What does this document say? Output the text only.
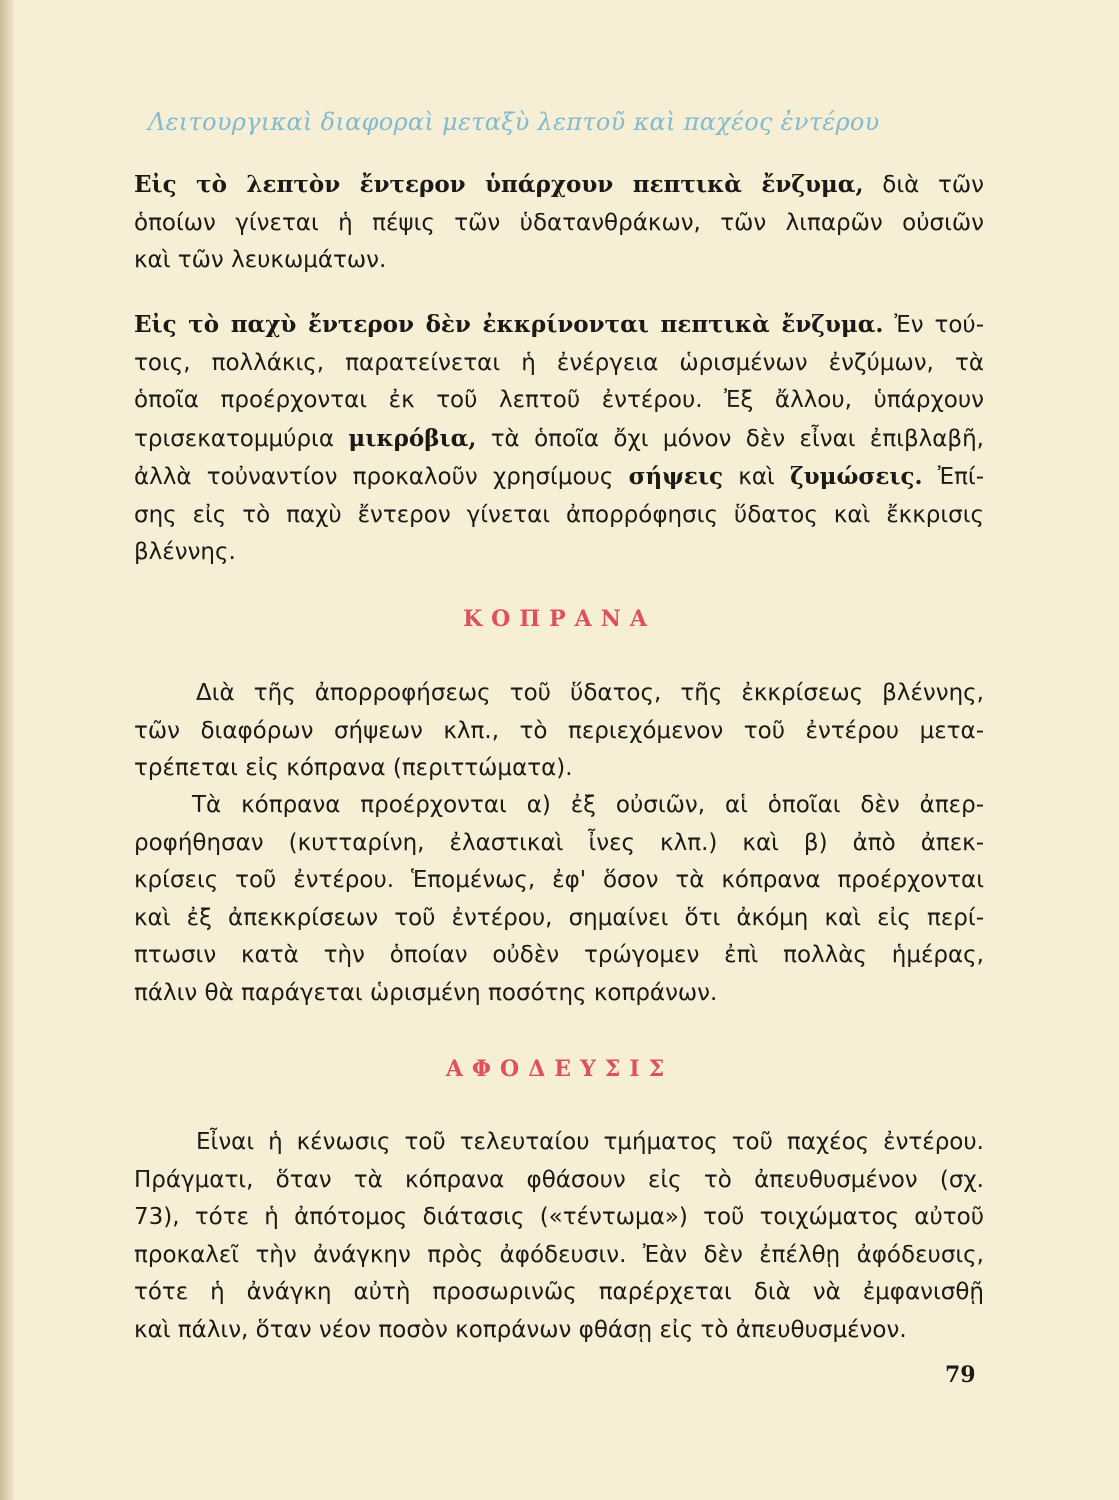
Λειτουργικαὶ διαφοραὶ μεταξὺ λεπτοῦ καὶ παχέος ἐντέρου
Εἰς τὸ λεπτὸν ἔντερον ὑπάρχουν πεπτικὰ ἔνζυμα, διὰ τῶν
ὁποίων γίνεται ἡ πέψις τῶν ὑδατανθράκων, τῶν λιπαρῶν οὐσιῶν
καὶ τῶν λευκωμάτων.
Εἰς τὸ παχὺ ἔντερον δὲν ἐκκρίνονται πεπτικὰ ἔνζυμα. Ἐν τού-
τοις, πολλάκις, παρατείνεται ἡ ἐνέργεια ὡρισμένων ἐνζύμων, τὰ
ὁποῖα προέρχονται ἐκ τοῦ λεπτοῦ ἐντέρου. Ἐξ ἄλλου, ὑπάρχουν
τρισεκατομμύρια μικρόβια, τὰ ὁποῖα ὄχι μόνον δὲν εἶναι ἐπιβλαβῆ,
ἀλλὰ τοὐναντίον προκαλοῦν χρησίμους σήψεις καὶ ζυμώσεις. Ἐπί-
σης εἰς τὸ παχὺ ἔντερον γίνεται ἀπορρόφησις ὕδατος καὶ ἔκκρισις
βλέννης.
ΚΟΠΡΑΝΑ
Διὰ τῆς ἀπορροφήσεως τοῦ ὕδατος, τῆς ἐκκρίσεως βλέννης,
τῶν διαφόρων σήψεων κλπ., τὸ περιεχόμενον τοῦ ἐντέρου μετα-
τρέπεται εἰς κόπρανα (περιττώματα).
Τὰ κόπρανα προέρχονται α) ἐξ οὐσιῶν, αἱ ὁποῖαι δὲν ἀπερ-
ροφήθησαν (κυτταρίνη, ἐλαστικαὶ ἶνες κλπ.) καὶ β) ἀπὸ ἀπεκ-
κρίσεις τοῦ ἐντέρου. Ἑπομένως, ἐφ' ὅσον τὰ κόπρανα προέρχονται
καὶ ἐξ ἀπεκκρίσεων τοῦ ἐντέρου, σημαίνει ὅτι ἀκόμη καὶ εἰς περί-
πτωσιν κατὰ τὴν ὁποίαν οὐδὲν τρώγομεν ἐπὶ πολλὰς ἡμέρας,
πάλιν θὰ παράγεται ὡρισμένη ποσότης κοπράνων.
ΑΦΟΔΕΥΣΙΣ
Εἶναι ἡ κένωσις τοῦ τελευταίου τμήματος τοῦ παχέος ἐντέρου.
Πράγματι, ὅταν τὰ κόπρανα φθάσουν εἰς τὸ ἀπευθυσμένον (σχ.
73), τότε ἡ ἀπότομος διάτασις («τέντωμα») τοῦ τοιχώματος αὐτοῦ
προκαλεῖ τὴν ἀνάγκην πρὸς ἀφόδευσιν. Ἐὰν δὲν ἐπέλθῃ ἀφόδευσις,
τότε ἡ ἀνάγκη αὐτὴ προσωρινῶς παρέρχεται διὰ νὰ ἐμφανισθῇ
καὶ πάλιν, ὅταν νέον ποσὸν κοπράνων φθάσῃ εἰς τὸ ἀπευθυσμένον.
79
